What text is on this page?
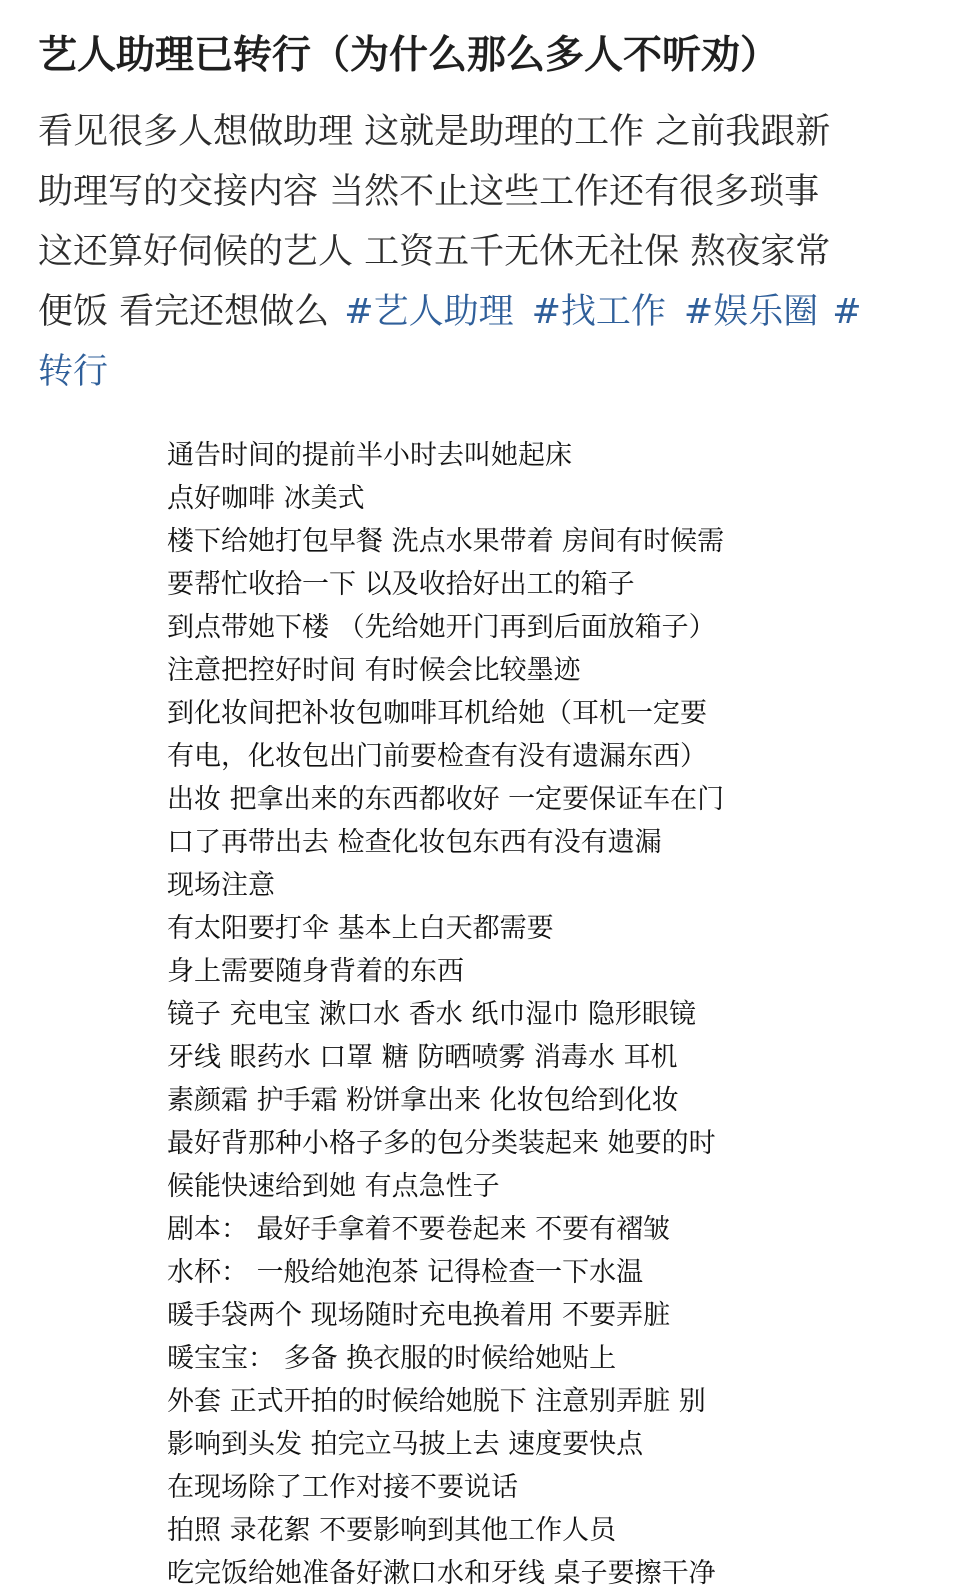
艺人助理已转行（为什么那么多人不听劝）
看见很多人想做助理 这就是助理的工作 之前我跟新
助理写的交接内容 当然不止这些工作还有很多琐事
这还算好伺候的艺人 工资五千无休无社保 熬夜家常
便饭 看完还想做么 #艺人助理 #找工作 #娱乐圈 #
转行
通告时间的提前半小时去叫她起床
点好咖啡 冰美式
楼下给她打包早餐 洗点水果带着 房间有时候需
要帮忙收拾一下 以及收拾好出工的箱子
到点带她下楼 （先给她开门再到后面放箱子）
注意把控好时间 有时候会比较墨迹
到化妆间把补妆包咖啡耳机给她（耳机一定要
有电，化妆包出门前要检查有没有遗漏东西）
出妆 把拿出来的东西都收好 一定要保证车在门
口了再带出去 检查化妆包东西有没有遗漏
现场注意
有太阳要打伞 基本上白天都需要
身上需要随身背着的东西
镜子 充电宝 漱口水 香水 纸巾湿巾 隐形眼镜
牙线 眼药水 口罩 糖 防晒喷雾 消毒水 耳机
素颜霜 护手霜 粉饼拿出来 化妆包给到化妆
最好背那种小格子多的包分类装起来 她要的时
候能快速给到她 有点急性子
剧本： 最好手拿着不要卷起来 不要有褶皱
水杯： 一般给她泡茶 记得检查一下水温
暖手袋两个 现场随时充电换着用 不要弄脏
暖宝宝： 多备 换衣服的时候给她贴上
外套 正式开拍的时候给她脱下 注意别弄脏 别
影响到头发 拍完立马披上去 速度要快点
在现场除了工作对接不要说话
拍照 录花絮 不要影响到其他工作人员
吃完饭给她准备好漱口水和牙线 桌子要擦干净
